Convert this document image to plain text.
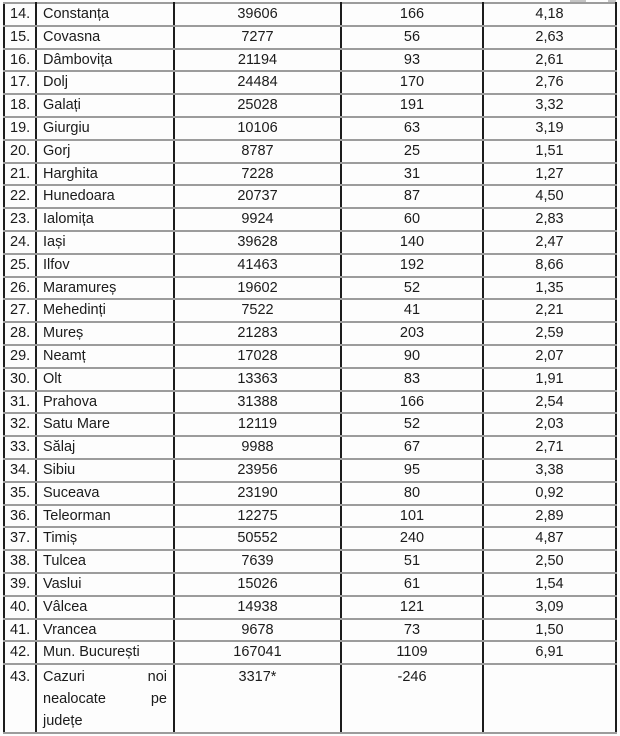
14.	Constanța	39606	166	4,18
15.	Covasna	7277	56	2,63
16.	Dâmbovița	21194	93	2,61
17.	Dolj	24484	170	2,76
18.	Galați	25028	191	3,32
19.	Giurgiu	10106	63	3,19
20.	Gorj	8787	25	1,51
21.	Harghita	7228	31	1,27
22.	Hunedoara	20737	87	4,50
23.	Ialomița	9924	60	2,83
24.	Iași	39628	140	2,47
25.	Ilfov	41463	192	8,66
26.	Maramureș	19602	52	1,35
27.	Mehedinți	7522	41	2,21
28.	Mureș	21283	203	2,59
29.	Neamț	17028	90	2,07
30.	Olt	13363	83	1,91
31.	Prahova	31388	166	2,54
32.	Satu Mare	12119	52	2,03
33.	Sălaj	9988	67	2,71
34.	Sibiu	23956	95	3,38
35.	Suceava	23190	80	0,92
36.	Teleorman	12275	101	2,89
37.	Timiș	50552	240	4,87
38.	Tulcea	7639	51	2,50
39.	Vaslui	15026	61	1,54
40.	Vâlcea	14938	121	3,09
41.	Vrancea	9678	73	1,50
42.	Mun. București	167041	1109	6,91
43.	Cazuri noi
nealocate pe
județe	3317*	-246	
